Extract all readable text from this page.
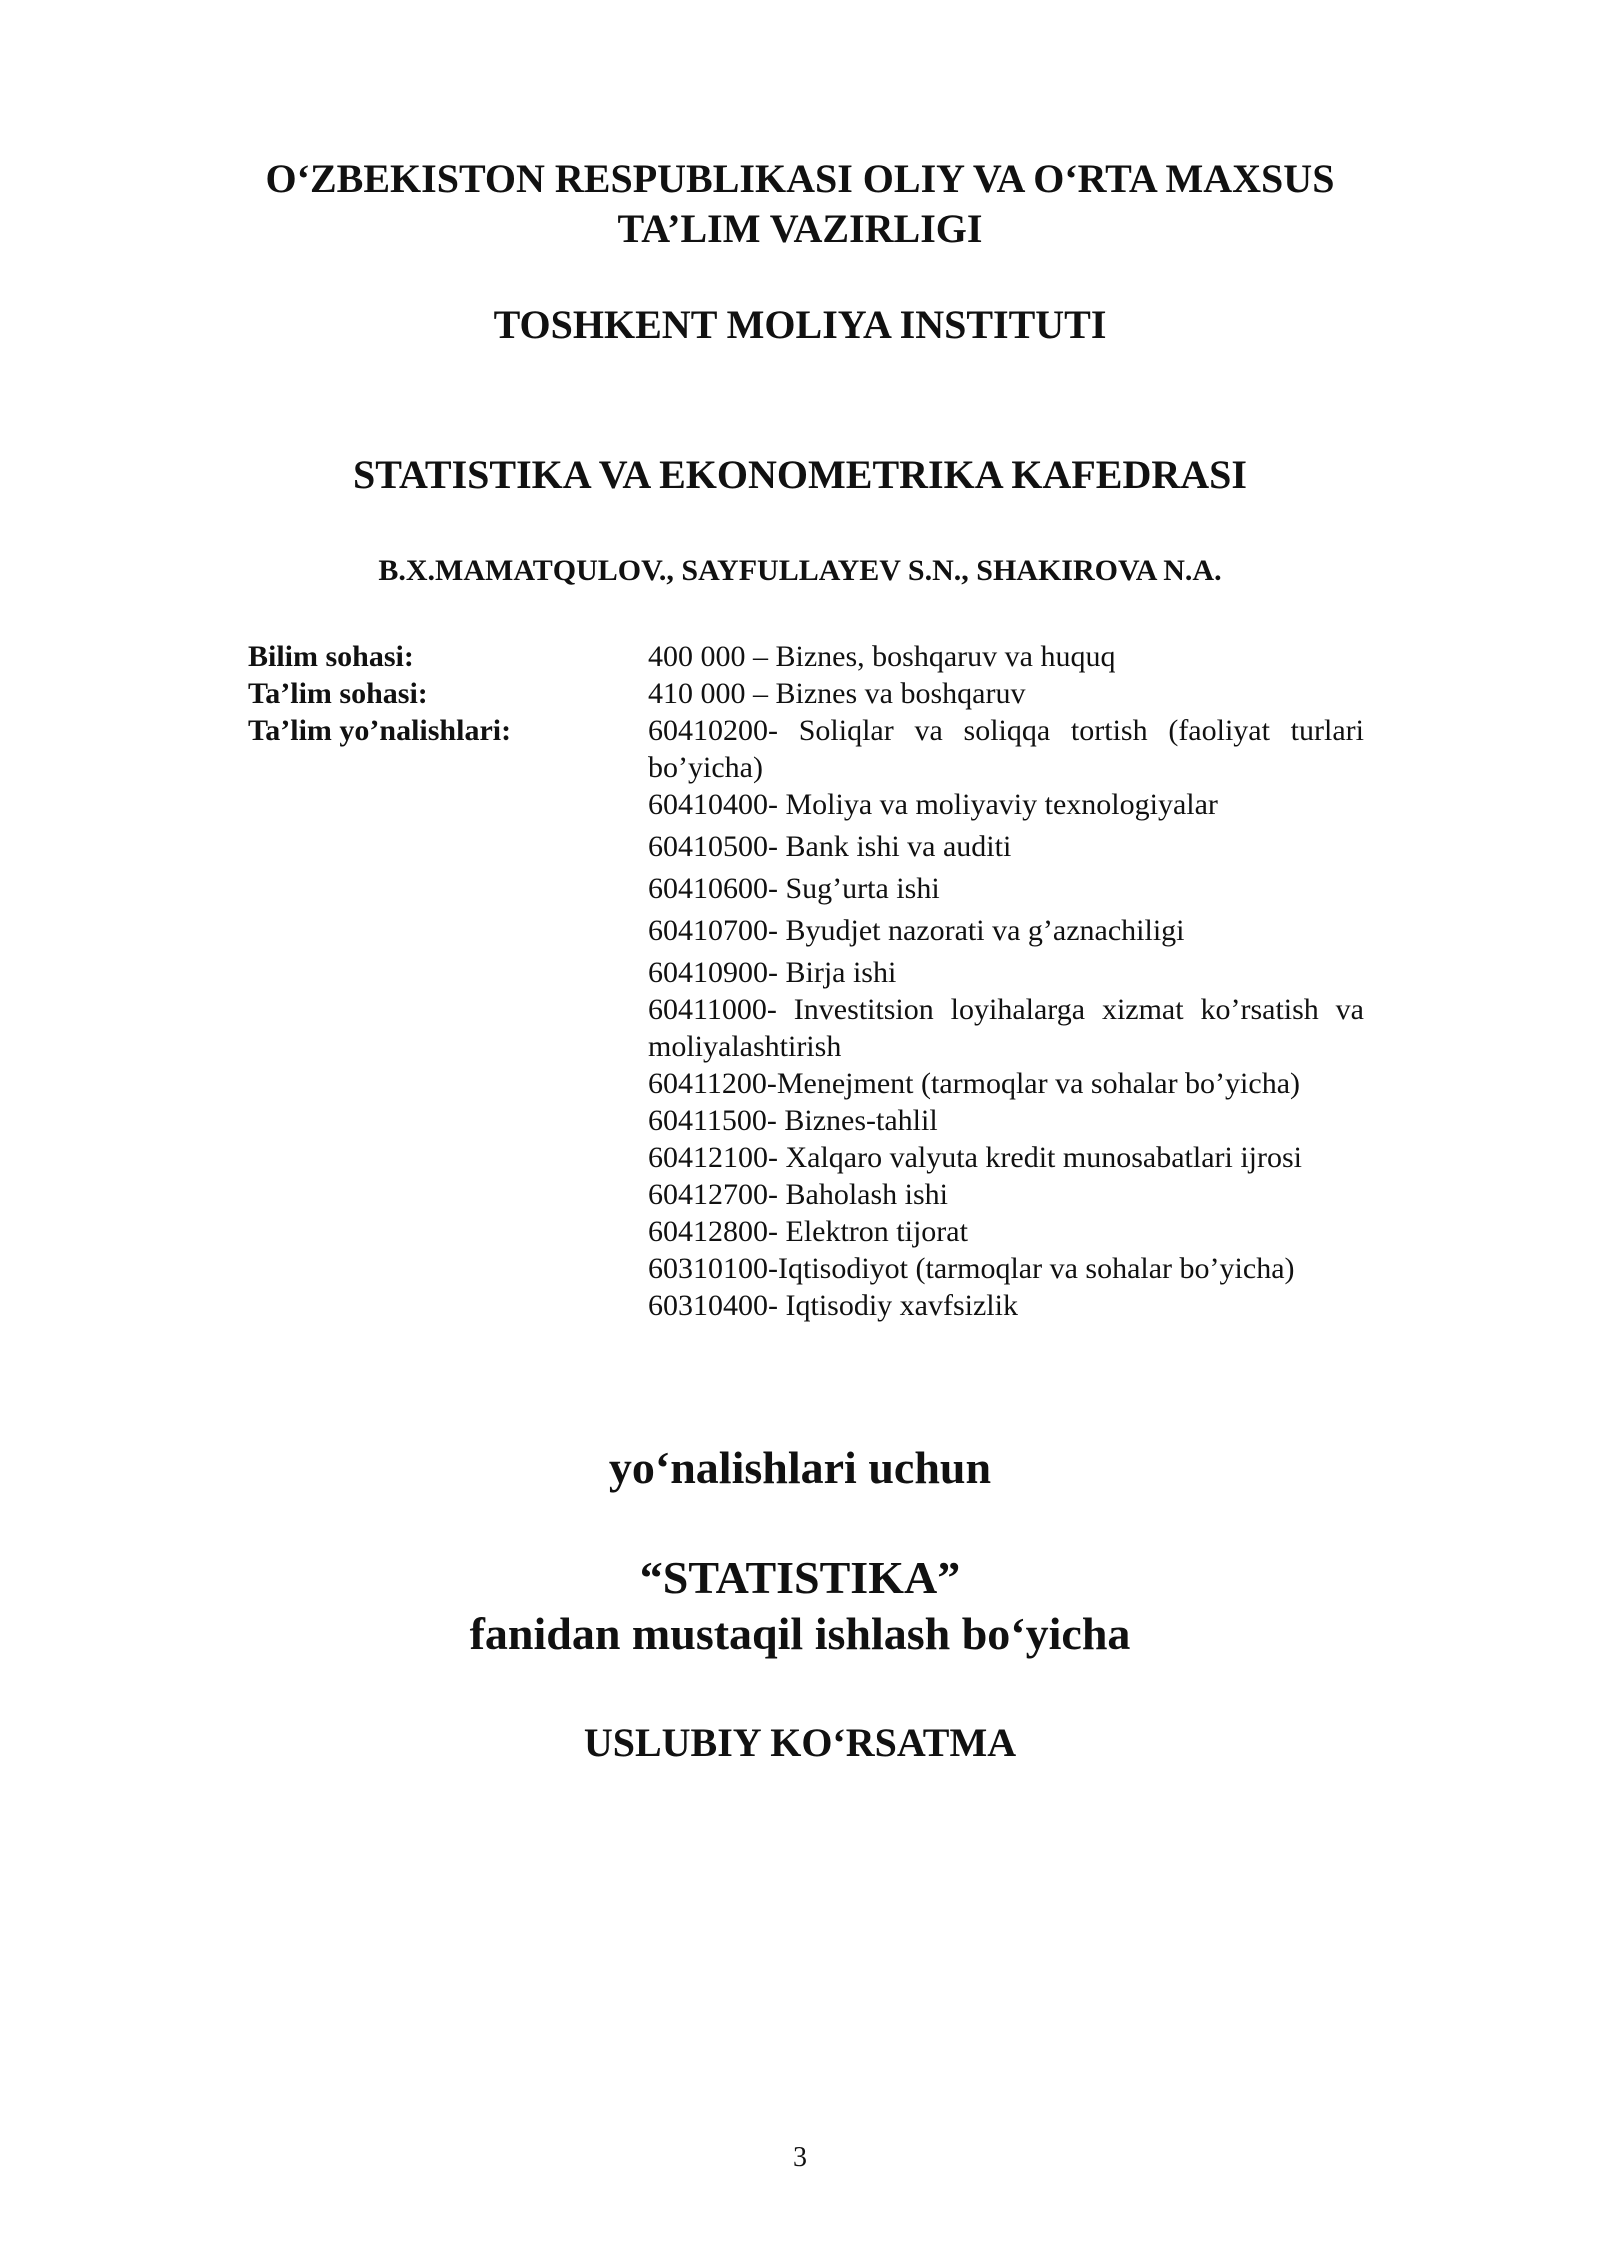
O‘ZBEKISTON RESPUBLIKASI OLIY VA O‘RTA MAXSUS
TA’LIM VAZIRLIGI
TOSHKENT MOLIYA INSTITUTI
STATISTIKA VA EKONOMETRIKA KAFEDRASI
B.X.MAMATQULOV., SAYFULLAYEV S.N., SHAKIROVA N.A.
Bilim sohasi:	400 000 – Biznes, boshqaruv va huquq
Ta’lim sohasi:	410 000 – Biznes va boshqaruv
Ta’lim yo’nalishlari:	60410200- Soliqlar va soliqqa tortish (faoliyat turlari bo’yicha)
60410400- Moliya va moliyaviy texnologiyalar
60410500- Bank ishi va auditi
60410600- Sug’urta ishi
60410700- Byudjet nazorati va g’aznachiligi
60410900- Birja ishi
60411000- Investitsion loyihalarga xizmat ko’rsatish va moliyalashtirish
60411200-Menejment (tarmoqlar va sohalar bo’yicha)
60411500- Biznes-tahlil
60412100- Xalqaro valyuta kredit munosabatlari ijrosi
60412700- Baholash ishi
60412800- Elektron tijorat
60310100-Iqtisodiyot (tarmoqlar va sohalar bo’yicha)
60310400- Iqtisodiy xavfsizlik
yo‘nalishlari uchun
“STATISTIKA”
fanidan mustaqil ishlash bo‘yicha
USLUBIY KO‘RSATMA
3
